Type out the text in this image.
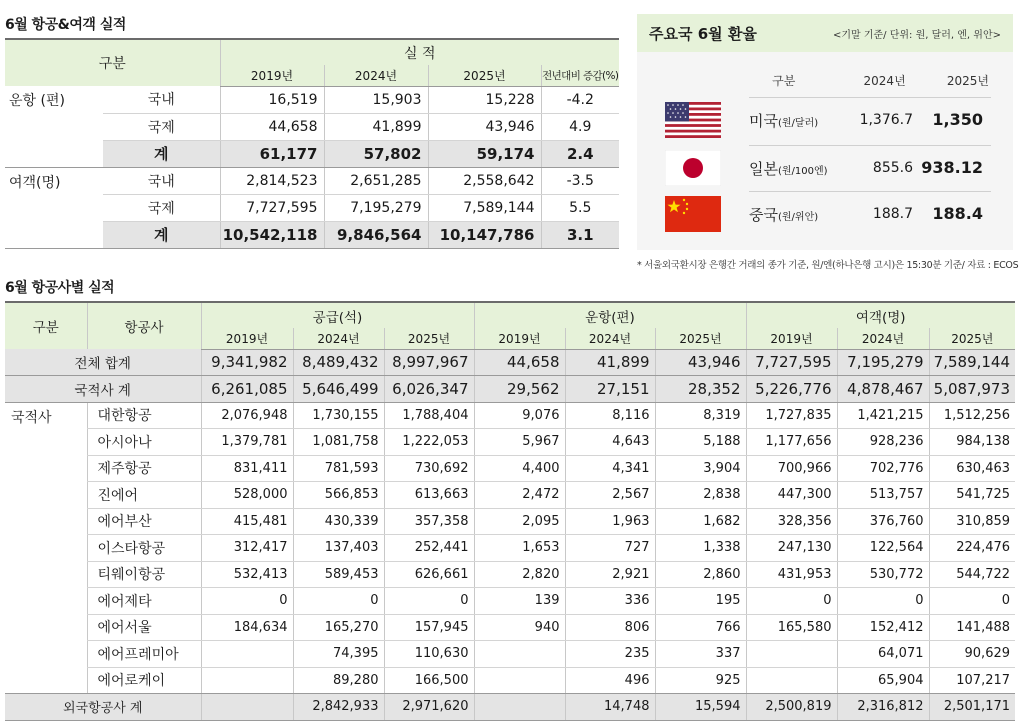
6월 항공&여객 실적
구분		실 적			
		2019년	2024년	2025년	전년대비 증감(%)
운항 (편)	국내	16,519	15,903	15,228	-4.2
	국제	44,658	41,899	43,946	4.9
	계	61,177	57,802	59,174	2.4
여객(명)	국내	2,814,523	2,651,285	2,558,642	-3.5
	국제	7,727,595	7,195,279	7,589,144	5.5
	계	10,542,118	9,846,564	10,147,786	3.1
주요국 6월 환율	<기말 기준/ 단위: 원, 달러, 엔, 위안>
구분	2024년	2025년
미국(원/달러)	1,376.7	1,350
일본(원/100엔)	855.6 938.12
중국(원/위안)	188.7	188.4
* 서울외국환시장 은행간 거래의 종가 기준, 원/엔(하나은행 고시)은 15:30분 기준/ 자료 : ECOS
6월 항공사별 실적
구분	항공사	공급(석)			운항(편)			여객(명)		
		2019년	2024년	2025년	2019년	2024년	2025년	2019년	2024년	2025년
전체 합계		9,341,982	8,489,432	8,997,967	44,658	41,899	43,946	7,727,595	7,195,279	7,589,144
국적사 계		6,261,085	5,646,499	6,026,347	29,562	27,151	28,352	5,226,776	4,878,467	5,087,973
국적사	대한항공	2,076,948	1,730,155	1,788,404	9,076	8,116	8,319	1,727,835	1,421,215	1,512,256
	아시아나	1,379,781	1,081,758	1,222,053	5,967	4,643	5,188	1,177,656	928,236	984,138
	제주항공	831,411	781,593	730,692	4,400	4,341	3,904	700,966	702,776	630,463
	진에어	528,000	566,853	613,663	2,472	2,567	2,838	447,300	513,757	541,725
	에어부산	415,481	430,339	357,358	2,095	1,963	1,682	328,356	376,760	310,859
	이스타항공	312,417	137,403	252,441	1,653	727	1,338	247,130	122,564	224,476
	티웨이항공	532,413	589,453	626,661	2,820	2,921	2,860	431,953	530,772	544,722
	에어제타	0	0	0	139	336	195	0	0	0
	에어서울	184,634	165,270	157,945	940	806	766	165,580	152,412	141,488
	에어프레미아		74,395	110,630		235	337		64,071	90,629
	에어로케이		89,280	166,500		496	925		65,904	107,217
외국항공사 계			2,842,933	2,971,620		14,748	15,594	2,500,819	2,316,812	2,501,171
